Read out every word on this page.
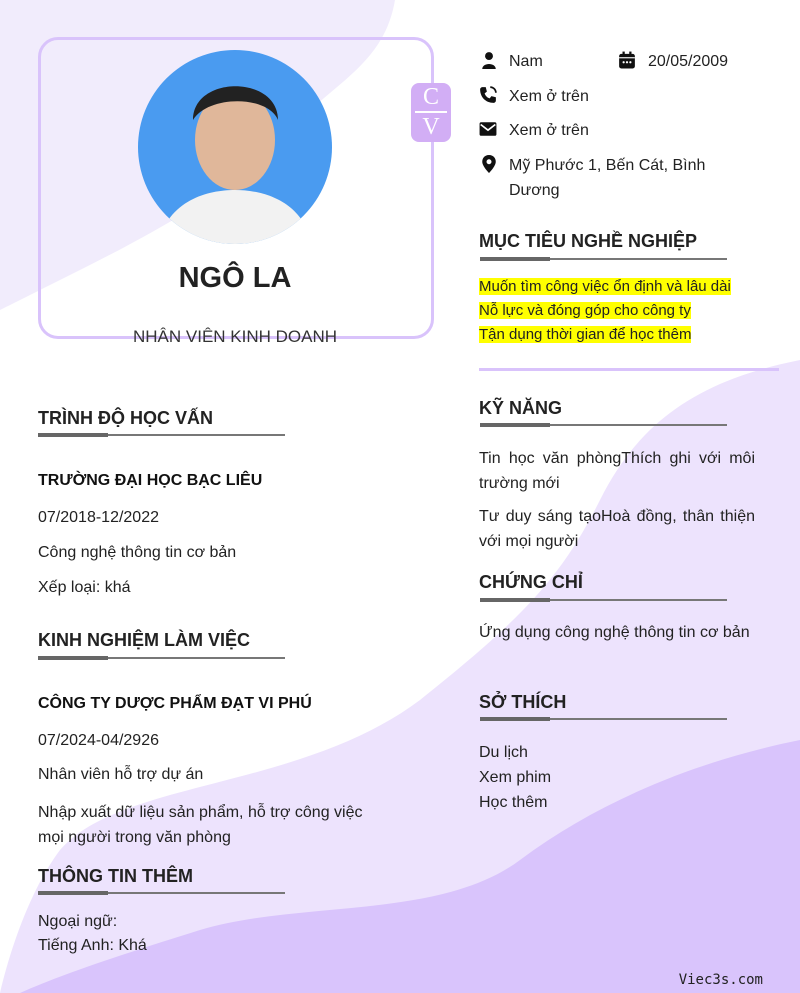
NGÔ LA
NHÂN VIÊN KINH DOANH
C
V
Nam	20/05/2009
Xem ở trên
Xem ở trên
Mỹ Phước 1, Bến Cát, Bình Dương
MỤC TIÊU NGHỀ NGHIỆP
Muốn tìm công việc ổn định và lâu dài
Nỗ lực và đóng góp cho công ty
Tận dụng thời gian để học thêm
KỸ NĂNG
Tin học văn phòngThích ghi với môi trường mới
Tư duy sáng tạoHoà đồng, thân thiện với mọi người
CHỨNG CHỈ
Ứng dụng công nghệ thông tin cơ bản
SỞ THÍCH
Du lịch
Xem phim
Học thêm
TRÌNH ĐỘ HỌC VẤN
TRƯỜNG ĐẠI HỌC BẠC LIÊU
07/2018-12/2022
Công nghệ thông tin cơ bản
Xếp loại: khá
KINH NGHIỆM LÀM VIỆC
CÔNG TY DƯỢC PHẨM ĐẠT VI PHÚ
07/2024-04/2926
Nhân viên hỗ trợ dự án
Nhập xuất dữ liệu sản phẩm, hỗ trợ công việc mọi người trong văn phòng
THÔNG TIN THÊM
Ngoại ngữ:
Tiếng Anh: Khá
Viec3s.com
